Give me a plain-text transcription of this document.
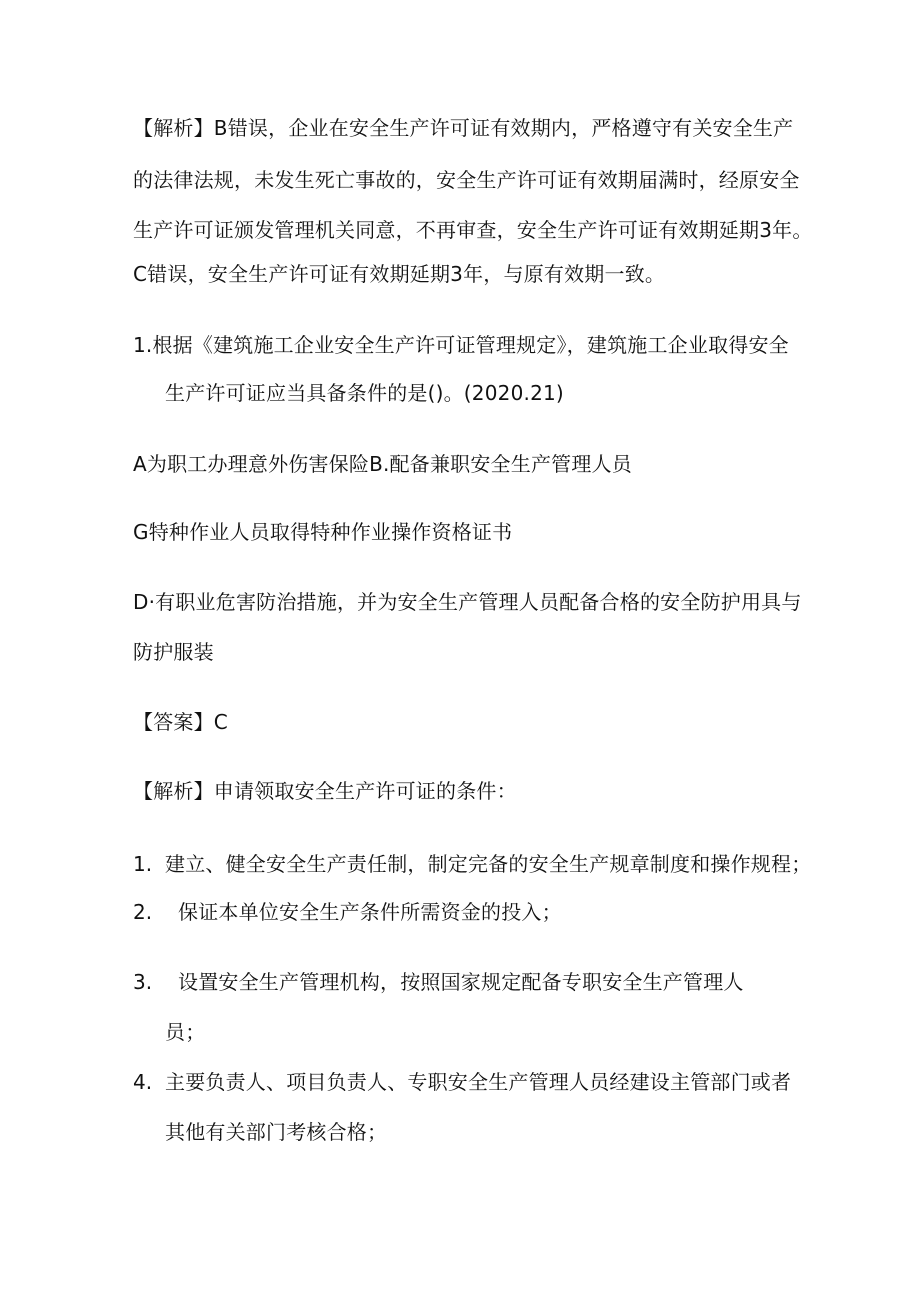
【解析】B错误，企业在安全生产许可证有效期内，严格遵守有关安全生产
的法律法规，未发生死亡事故的，安全生产许可证有效期届满时，经原安全
生产许可证颁发管理机关同意，不再审查，安全生产许可证有效期延期3年。
C错误，安全生产许可证有效期延期3年，与原有效期一致。
1.根据《建筑施工企业安全生产许可证管理规定》，建筑施工企业取得安全
生产许可证应当具备条件的是()。(2020.21)
A为职工办理意外伤害保险B.配备兼职安全生产管理人员
G特种作业人员取得特种作业操作资格证书
D·有职业危害防治措施，并为安全生产管理人员配备合格的安全防护用具与
防护服装
【答案】C
【解析】申请领取安全生产许可证的条件：
1. 建立、健全安全生产责任制，制定完备的安全生产规章制度和操作规程；
2. 保证本单位安全生产条件所需资金的投入；
3. 设置安全生产管理机构，按照国家规定配备专职安全生产管理人
员；
4. 主要负责人、项目负责人、专职安全生产管理人员经建设主管部门或者
其他有关部门考核合格；
